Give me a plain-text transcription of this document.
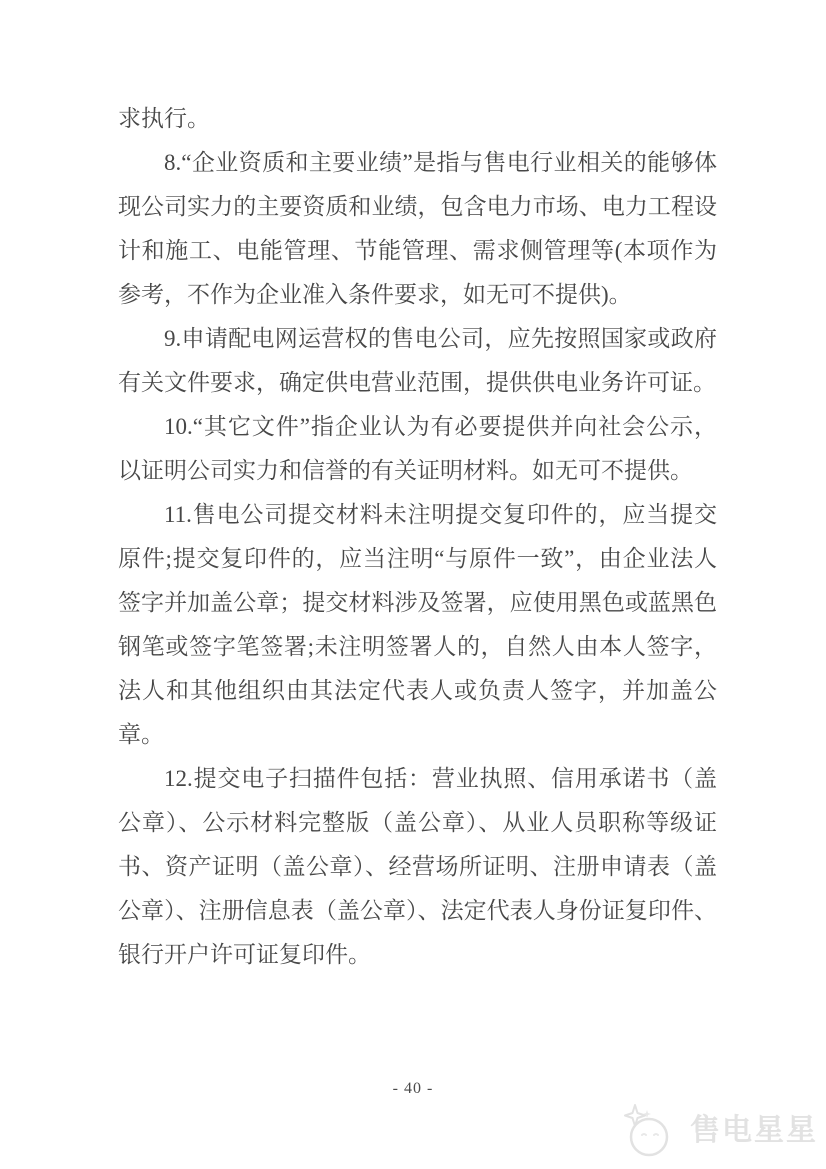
求执行。

8.“企业资质和主要业绩”是指与售电行业相关的能够体现公司实力的主要资质和业绩，包含电力市场、电力工程设计和施工、电能管理、节能管理、需求侧管理等(本项作为参考，不作为企业准入条件要求，如无可不提供)。

9.申请配电网运营权的售电公司，应先按照国家或政府有关文件要求，确定供电营业范围，提供供电业务许可证。

10.“其它文件”指企业认为有必要提供并向社会公示，以证明公司实力和信誉的有关证明材料。如无可不提供。

11.售电公司提交材料未注明提交复印件的，应当提交原件;提交复印件的，应当注明“与原件一致”，由企业法人签字并加盖公章；提交材料涉及签署，应使用黑色或蓝黑色钢笔或签字笔签署;未注明签署人的，自然人由本人签字，法人和其他组织由其法定代表人或负责人签字，并加盖公章。

12.提交电子扫描件包括：营业执照、信用承诺书（盖公章）、公示材料完整版（盖公章）、从业人员职称等级证书、资产证明（盖公章）、经营场所证明、注册申请表（盖公章）、注册信息表（盖公章）、法定代表人身份证复印件、银行开户许可证复印件。

- 40 -
售电星星
